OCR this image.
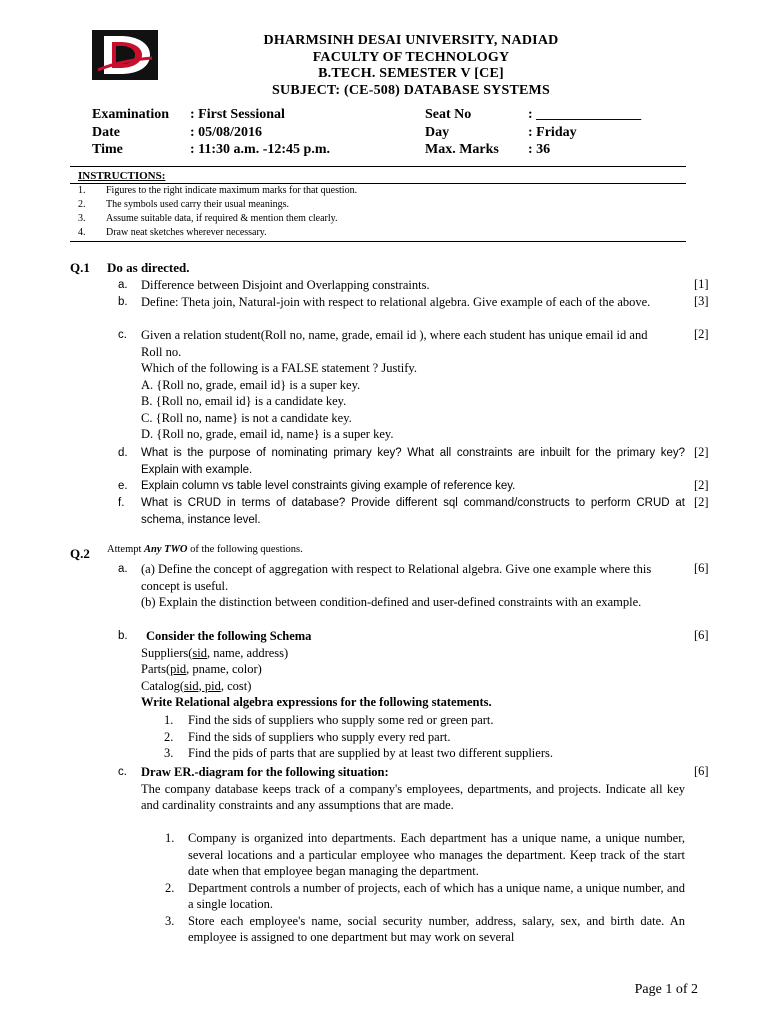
DHARMSINH DESAI UNIVERSITY, NADIAD
FACULTY OF TECHNOLOGY
B.TECH. SEMESTER V [CE]
SUBJECT: (CE-508) DATABASE SYSTEMS
Examination : First Sessional	Seat No	: _______________
Date	: 05/08/2016	Day	: Friday
Time	: 11:30 a.m. -12:45 p.m.	Max. Marks : 36
INSTRUCTIONS:
1. Figures to the right indicate maximum marks for that question.
2. The symbols used carry their usual meanings.
3. Assume suitable data, if required & mention them clearly.
4. Draw neat sketches wherever necessary.
Q.1 Do as directed.
a. Difference between Disjoint and Overlapping constraints.	[1]
b. Define: Theta join, Natural-join with respect to relational algebra. Give example of each of the above.	[3]
c. Given a relation student(Roll no, name, grade, email id ), where each student has unique email id and Roll no.

Which of the following is a FALSE statement ? Justify.

A. {Roll no, grade, email id} is a super key.

B. {Roll no, email id} is a candidate key.

C. {Roll no, name} is not a candidate key.

D. {Roll no, grade, email id, name} is a super key.

[2]
d. What is the purpose of nominating primary key? What all constraints are inbuilt for the primary key? Explain with example.
[2]
e. Explain column vs table level constraints giving example of reference key.	[2]
f. What is CRUD in terms of database? Provide different sql command/constructs to perform CRUD at schema, instance level.
[2]
Q.2 Attempt Any TWO of the following questions.
a. (a) Define the concept of aggregation with respect to Relational algebra. Give one example where this concept is useful.

(b) Explain the distinction between condition-defined and user-defined constraints with an example.

[6]
b.	Consider the following Schema

Suppliers(sid, name, address)

Parts(pid, pname, color)

Catalog(sid, pid, cost)

Write Relational algebra expressions for the following statements.

[6]
1. Find the sids of suppliers who supply some red or green part.
2. Find the sids of suppliers who supply every red part.
3. Find the pids of parts that are supplied by at least two different suppliers.
c. Draw ER.-diagram for the following situation:

The company database keeps track of a company's employees, departments, and projects. Indicate all key and cardinality constraints and any assumptions that are made.

[6]
1. Company is organized into departments. Each department has a unique name, a unique number, several locations and a particular employee who manages the department. Keep track of the start date when that employee began managing the department.
2. Department controls a number of projects, each of which has a unique name, a unique number, and a single location.
3. Store each employee's name, social security number, address, salary, sex, and birth date. An employee is assigned to one department but may work on several
Page 1 of 2
